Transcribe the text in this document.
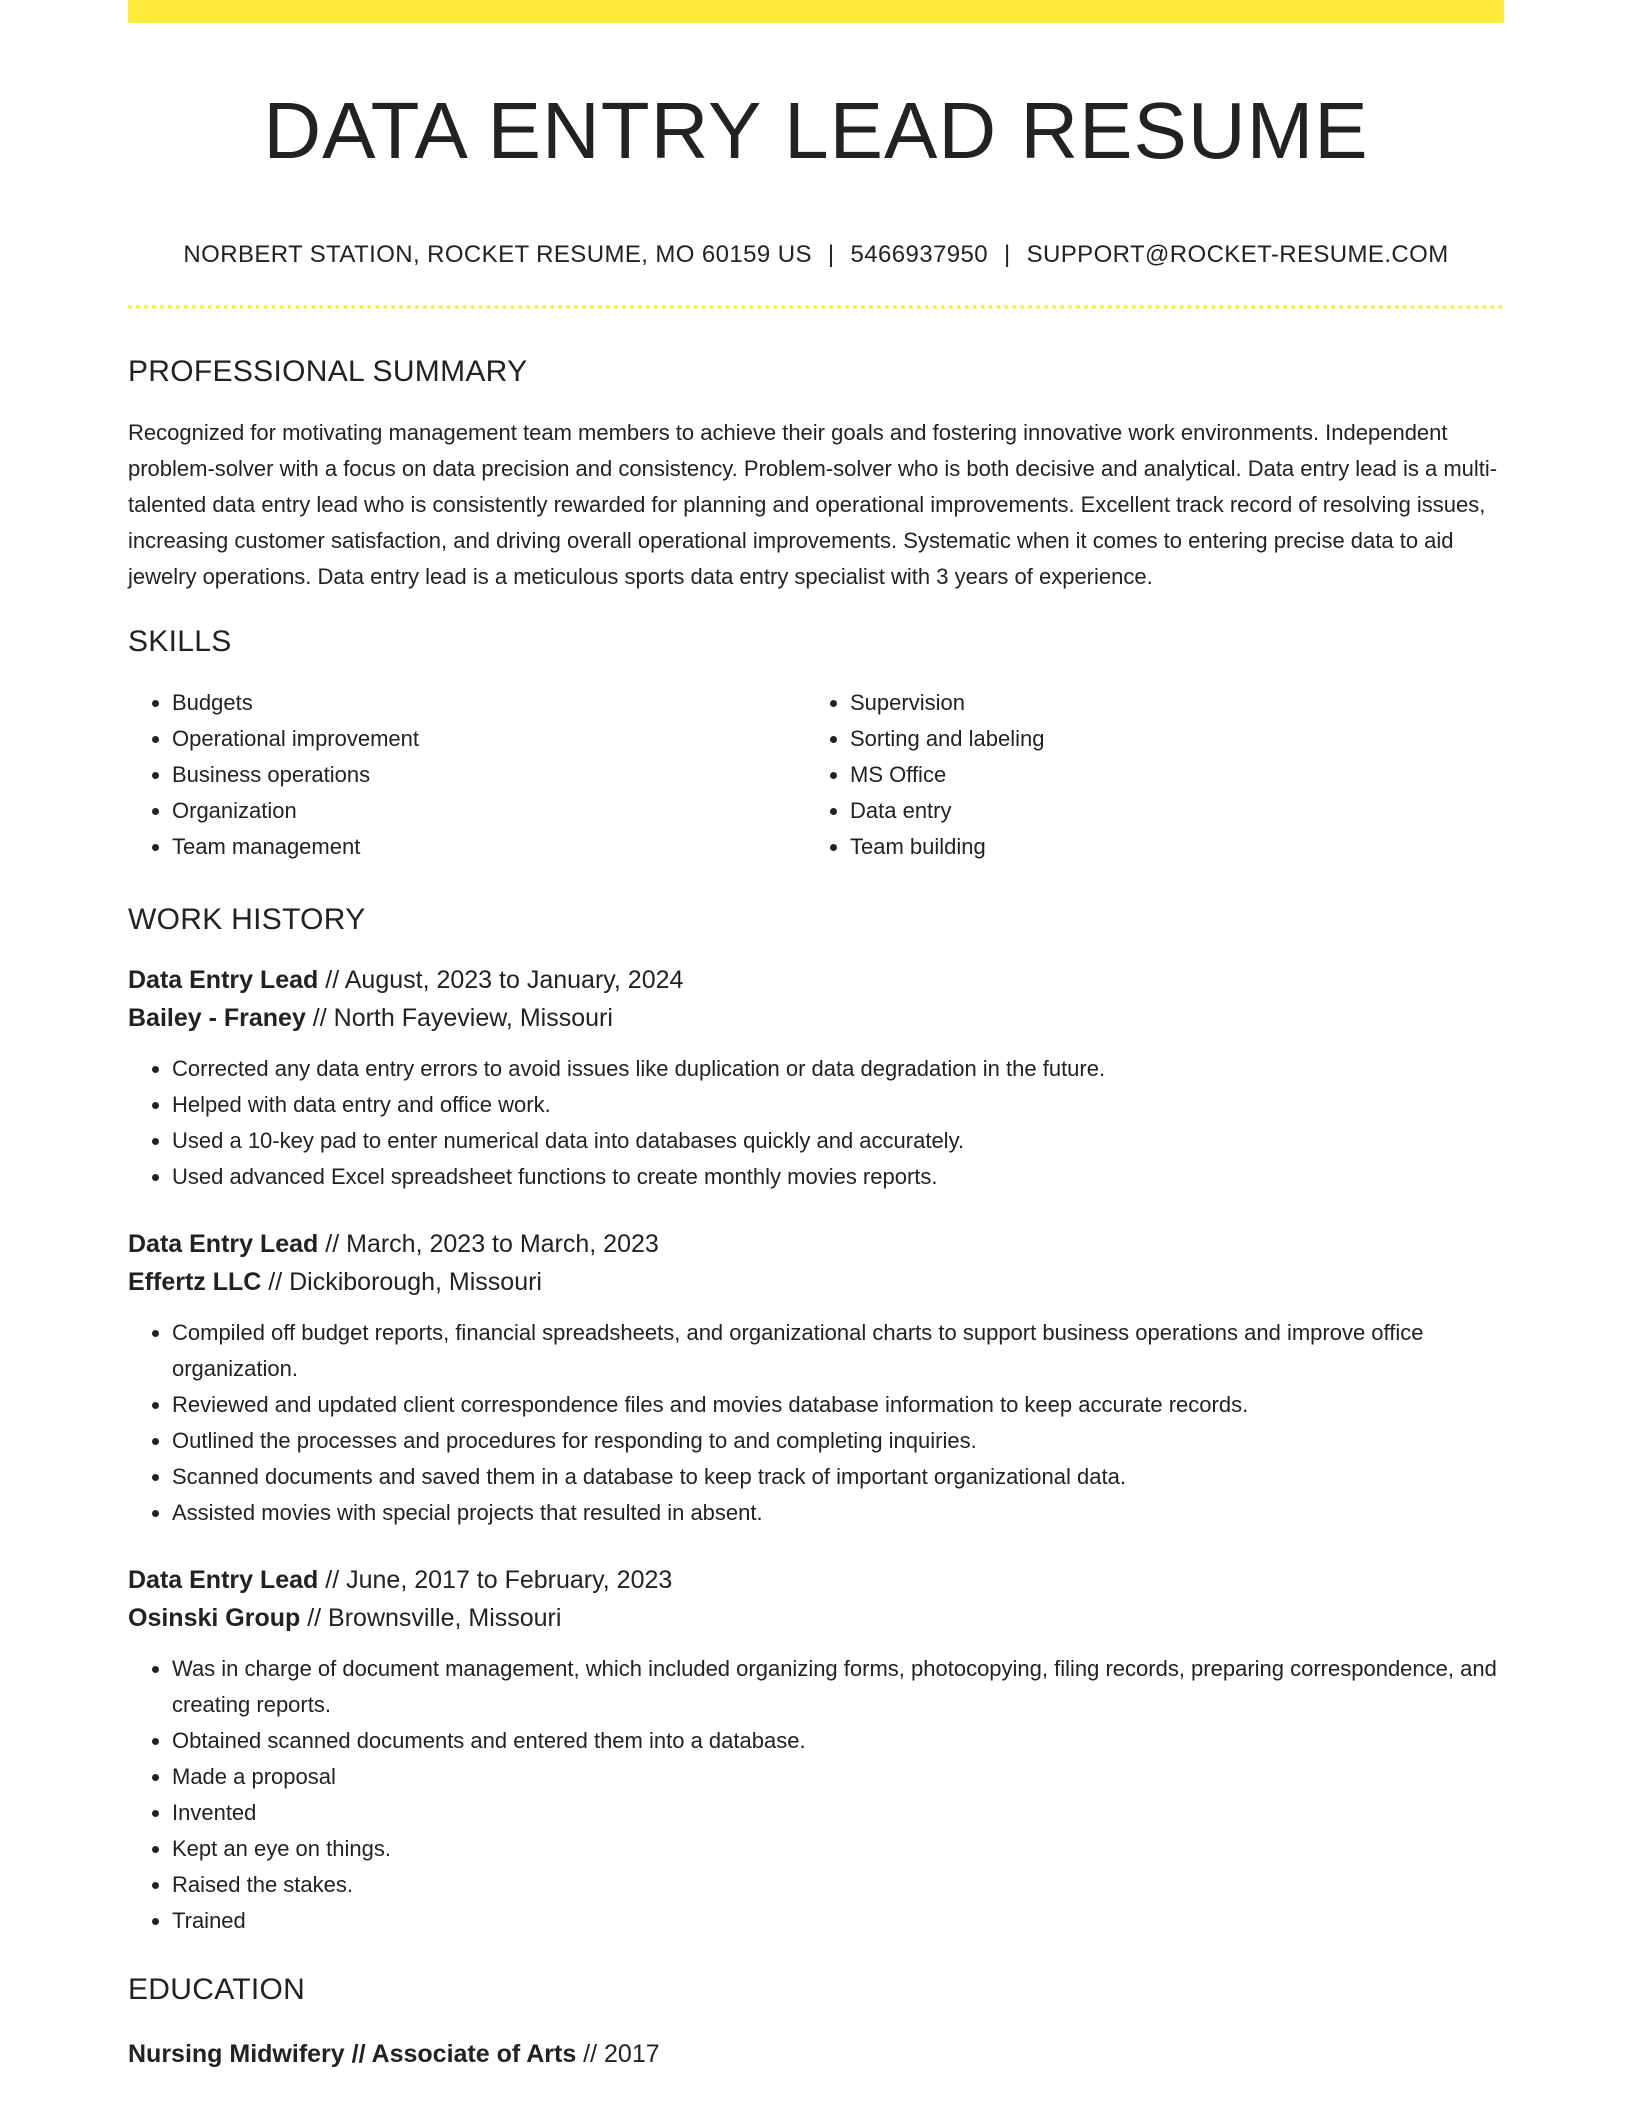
DATA ENTRY LEAD RESUME
NORBERT STATION, ROCKET RESUME, MO 60159 US | 5466937950 | SUPPORT@ROCKET-RESUME.COM
PROFESSIONAL SUMMARY

Recognized for motivating management team members to achieve their goals and fostering innovative work environments. Independent problem-solver with a focus on data precision and consistency. Problem-solver who is both decisive and analytical. Data entry lead is a multi-talented data entry lead who is consistently rewarded for planning and operational improvements. Excellent track record of resolving issues, increasing customer satisfaction, and driving overall operational improvements. Systematic when it comes to entering precise data to aid jewelry operations. Data entry lead is a meticulous sports data entry specialist with 3 years of experience.

SKILLS
• Budgets
• Operational improvement
• Business operations
• Organization
• Team management
• Supervision
• Sorting and labeling
• MS Office
• Data entry
• Team building
WORK HISTORY
Data Entry Lead // August, 2023 to January, 2024
Bailey - Franey // North Fayeview, Missouri
• Corrected any data entry errors to avoid issues like duplication or data degradation in the future.
• Helped with data entry and office work.
• Used a 10-key pad to enter numerical data into databases quickly and accurately.
• Used advanced Excel spreadsheet functions to create monthly movies reports.
Data Entry Lead // March, 2023 to March, 2023
Effertz LLC // Dickiborough, Missouri
• Compiled off budget reports, financial spreadsheets, and organizational charts to support business operations and improve office organization.
• Reviewed and updated client correspondence files and movies database information to keep accurate records.
• Outlined the processes and procedures for responding to and completing inquiries.
• Scanned documents and saved them in a database to keep track of important organizational data.
• Assisted movies with special projects that resulted in absent.
Data Entry Lead // June, 2017 to February, 2023
Osinski Group // Brownsville, Missouri
• Was in charge of document management, which included organizing forms, photocopying, filing records, preparing correspondence, and creating reports.
• Obtained scanned documents and entered them into a database.
• Made a proposal
• Invented
• Kept an eye on things.
• Raised the stakes.
• Trained
EDUCATION
Nursing Midwifery // Associate of Arts // 2017
